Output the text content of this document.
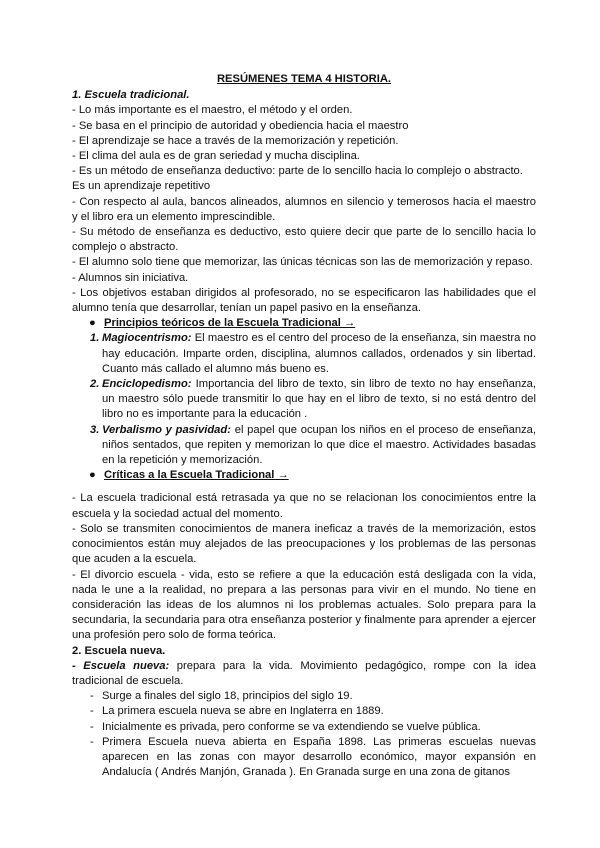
RESÚMENES TEMA 4 HISTORIA.

1. Escuela tradicional.

- Lo más importante es el maestro, el método y el orden.

- Se basa en el principio de autoridad y obediencia hacia el maestro

- El aprendizaje se hace a través de la memorización y repetición.

- El clima del aula es de gran seriedad y mucha disciplina.

- Es un método de enseñanza deductivo: parte de lo sencillo hacia lo complejo o abstracto. Es un aprendizaje repetitivo

- Con respecto al aula, bancos alineados, alumnos en silencio y temerosos hacia el maestro y el libro era un elemento imprescindible.

- Su método de enseñanza es deductivo, esto quiere decir que parte de lo sencillo hacia lo complejo o abstracto.

- El alumno solo tiene que memorizar, las únicas técnicas son las de memorización y repaso.

- Alumnos sin iniciativa.

- Los objetivos estaban dirigidos al profesorado, no se especificaron las habilidades que el alumno tenía que desarrollar, tenían un papel pasivo en la enseñanza.

● Principios teóricos de la Escuela Tradicional →
1. Magiocentrismo: El maestro es el centro del proceso de la enseñanza, sin maestra no hay educación. Imparte orden, disciplina, alumnos callados, ordenados y sin libertad. Cuanto más callado el alumno más bueno es.
2. Enciclopedismo: Importancia del libro de texto, sin libro de texto no hay enseñanza, un maestro sólo puede transmitir lo que hay en el libro de texto, si no está dentro del libro no es importante para la educación .
3. Verbalismo y pasividad: el papel que ocupan los niños en el proceso de enseñanza, niños sentados, que repiten y memorizan lo que dice el maestro. Actividades basadas en la repetición y memorización.
● Críticas a la Escuela Tradicional →

- La escuela tradicional está retrasada ya que no se relacionan los conocimientos entre la escuela y la sociedad actual del momento.

- Solo se transmiten conocimientos de manera ineficaz a través de la memorización, estos conocimientos están muy alejados de las preocupaciones y los problemas de las personas que acuden a la escuela.

- El divorcio escuela - vida, esto se refiere a que la educación está desligada con la vida, nada le une a la realidad, no prepara a las personas para vivir en el mundo. No tiene en consideración las ideas de los alumnos ni los problemas actuales. Solo prepara para la secundaria, la secundaria para otra enseñanza posterior y finalmente para aprender a ejercer una profesión pero solo de forma teórica.

2. Escuela nueva.

- Escuela nueva: prepara para la vida. Movimiento pedagógico, rompe con la idea tradicional de escuela.

- Surge a finales del siglo 18, principios del siglo 19.
- La primera escuela nueva se abre en Inglaterra en 1889.
- Inicialmente es privada, pero conforme se va extendiendo se vuelve pública.
- Primera Escuela nueva abierta en España 1898. Las primeras escuelas nuevas aparecen en las zonas con mayor desarrollo económico, mayor expansión en Andalucía ( Andrés Manjón, Granada ). En Granada surge en una zona de gitanos
